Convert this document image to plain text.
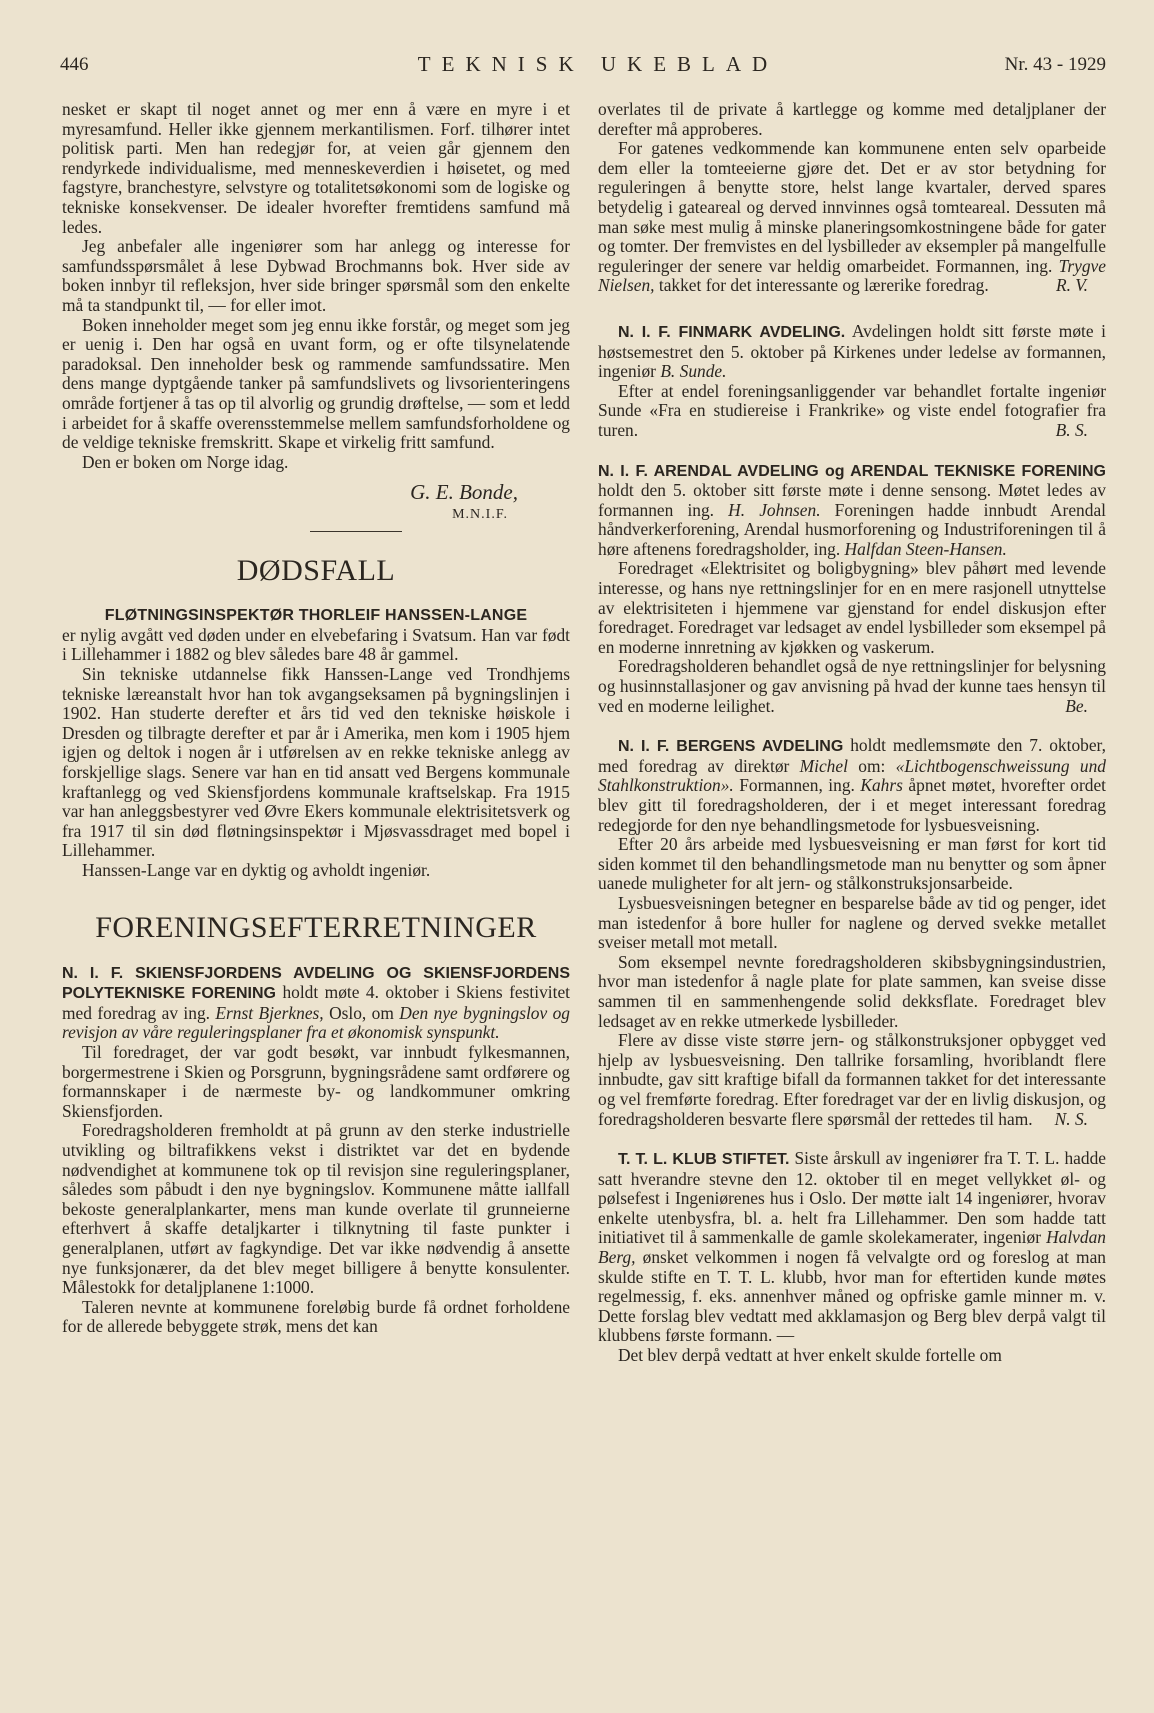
446	TEKNISK UKEBLAD	Nr. 43 - 1929

nesket er skapt til noget annet og mer enn å være en myre i et myresamfund. Heller ikke gjennem merkantilismen. Forf. tilhører intet politisk parti. Men han redegjør for, at veien går gjennem den rendyrkede individualisme, med menneskeverdien i høisetet, og med fagstyre, branchestyre, selvstyre og totalitetsøkonomi som de logiske og tekniske konsekvenser. De idealer hvorefter fremtidens samfund må ledes.

Jeg anbefaler alle ingeniører som har anlegg og interesse for samfundsspørsmålet å lese Dybwad Brochmanns bok. Hver side av boken innbyr til refleksjon, hver side bringer spørsmål som den enkelte må ta standpunkt til, — for eller imot.

Boken inneholder meget som jeg ennu ikke forstår, og meget som jeg er uenig i. Den har også en uvant form, og er ofte tilsynelatende paradoksal. Den inneholder besk og rammende samfundssatire. Men dens mange dyptgående tanker på samfundslivets og livsorienteringens område fortjener å tas op til alvorlig og grundig drøftelse, — som et ledd i arbeidet for å skaffe overensstemmelse mellem samfundsforholdene og de veldige tekniske fremskritt. Skape et virkelig fritt samfund.

Den er boken om Norge idag.

G. E. Bonde,
M.N.I.F.
DØDSFALL

FLØTNINGSINSPEKTØR THORLEIF HANSSEN-LANGE

er nylig avgått ved døden under en elvebefaring i Svatsum. Han var født i Lillehammer i 1882 og blev således bare 48 år gammel.

Sin tekniske utdannelse fikk Hanssen-Lange ved Trondhjems tekniske læreanstalt hvor han tok avgangseksamen på bygningslinjen i 1902. Han studerte derefter et års tid ved den tekniske høiskole i Dresden og tilbragte derefter et par år i Amerika, men kom i 1905 hjem igjen og deltok i nogen år i utførelsen av en rekke tekniske anlegg av forskjellige slags. Senere var han en tid ansatt ved Bergens kommunale kraftanlegg og ved Skiensfjordens kommunale kraftselskap. Fra 1915 var han anleggsbestyrer ved Øvre Ekers kommunale elektrisitetsverk og fra 1917 til sin død fløtningsinspektør i Mjøsvassdraget med bopel i Lillehammer.

Hanssen-Lange var en dyktig og avholdt ingeniør.

FORENINGSEFTERRETNINGER

N. I. F. SKIENSFJORDENS AVDELING OG SKIENSFJORDENS POLYTEKNISKE FORENING holdt møte 4. oktober i Skiens festivitet med foredrag av ing. Ernst Bjerknes, Oslo, om Den nye bygningslov og revisjon av våre reguleringsplaner fra et økonomisk synspunkt.

Til foredraget, der var godt besøkt, var innbudt fylkesmannen, borgermestrene i Skien og Porsgrunn, bygningsrådene samt ordførere og formannskaper i de nærmeste by- og landkommuner omkring Skiensfjorden.

Foredragsholderen fremholdt at på grunn av den sterke industrielle utvikling og biltrafikkens vekst i distriktet var det en bydende nødvendighet at kommunene tok op til revisjon sine reguleringsplaner, således som påbudt i den nye bygningslov. Kommunene måtte iallfall bekoste generalplankarter, mens man kunde overlate til grunneierne efterhvert å skaffe detaljkarter i tilknytning til faste punkter i generalplanen, utført av fagkyndige. Det var ikke nødvendig å ansette nye funksjonærer, da det blev meget billigere å benytte konsulenter. Målestokk for detaljplanene 1:1000.

Taleren nevnte at kommunene foreløbig burde få ordnet forholdene for de allerede bebyggete strøk, mens det kan

overlates til de private å kartlegge og komme med detaljplaner der derefter må approberes.

For gatenes vedkommende kan kommunene enten selv oparbeide dem eller la tomteeierne gjøre det. Det er av stor betydning for reguleringen å benytte store, helst lange kvartaler, derved spares betydelig i gateareal og derved innvinnes også tomteareal. Dessuten må man søke mest mulig å minske planeringsomkostningene både for gater og tomter. Der fremvistes en del lysbilleder av eksempler på mangelfulle reguleringer der senere var heldig omarbeidet. Formannen, ing. Trygve Nielsen, takket for det interessante og lærerike foredrag.	R. V.

N. I. F. FINMARK AVDELING. Avdelingen holdt sitt første møte i høstsemestret den 5. oktober på Kirkenes under ledelse av formannen, ingeniør B. Sunde.

Efter at endel foreningsanliggender var behandlet fortalte ingeniør Sunde «Fra en studiereise i Frankrike» og viste endel fotografier fra turen.	B. S.

N. I. F. ARENDAL AVDELING og ARENDAL TEKNISKE FORENING holdt den 5. oktober sitt første møte i denne sensong. Møtet ledes av formannen ing. H. Johnsen. Foreningen hadde innbudt Arendal håndverkerforening, Arendal husmorforening og Industriforeningen til å høre aftenens foredragsholder, ing. Halfdan Steen-Hansen.

Foredraget «Elektrisitet og boligbygning» blev påhørt med levende interesse, og hans nye rettningslinjer for en en mere rasjonell utnyttelse av elektrisiteten i hjemmene var gjenstand for endel diskusjon efter foredraget. Foredraget var ledsaget av endel lysbilleder som eksempel på en moderne innretning av kjøkken og vaskerum.

Foredragsholderen behandlet også de nye rettningslinjer for belysning og husinnstallasjoner og gav anvisning på hvad der kunne taes hensyn til ved en moderne leilighet.	Be.

N. I. F. BERGENS AVDELING holdt medlemsmøte den 7. oktober, med foredrag av direktør Michel om: «Lichtbogenschweissung und Stahlkonstruktion». Formannen, ing. Kahrs åpnet møtet, hvorefter ordet blev gitt til foredragsholderen, der i et meget interessant foredrag redegjorde for den nye behandlingsmetode for lysbuesveisning.

Efter 20 års arbeide med lysbuesveisning er man først for kort tid siden kommet til den behandlingsmetode man nu benytter og som åpner uanede muligheter for alt jern- og stålkonstruksjonsarbeide.

Lysbuesveisningen betegner en besparelse både av tid og penger, idet man istedenfor å bore huller for naglene og derved svekke metallet sveiser metall mot metall.

Som eksempel nevnte foredragsholderen skibsbygningsindustrien, hvor man istedenfor å nagle plate for plate sammen, kan sveise disse sammen til en sammenhengende solid dekksflate. Foredraget blev ledsaget av en rekke utmerkede lysbilleder.

Flere av disse viste større jern- og stålkonstruksjoner opbygget ved hjelp av lysbuesveisning. Den tallrike forsamling, hvoriblandt flere innbudte, gav sitt kraftige bifall da formannen takket for det interessante og vel fremførte foredrag. Efter foredraget var der en livlig diskusjon, og foredragsholderen besvarte flere spørsmål der rettedes til ham.	N. S.

T. T. L. KLUB STIFTET. Siste årskull av ingeniører fra T. T. L. hadde satt hverandre stevne den 12. oktober til en meget vellykket øl- og pølsefest i Ingeniørenes hus i Oslo. Der møtte ialt 14 ingeniører, hvorav enkelte utenbysfra, bl. a. helt fra Lillehammer. Den som hadde tatt initiativet til å sammenkalle de gamle skolekamerater, ingeniør Halvdan Berg, ønsket velkommen i nogen få velvalgte ord og foreslog at man skulde stifte en T. T. L. klubb, hvor man for eftertiden kunde møtes regelmessig, f. eks. annenhver måned og opfriske gamle minner m. v. Dette forslag blev vedtatt med akklamasjon og Berg blev derpå valgt til klubbens første formann. —

Det blev derpå vedtatt at hver enkelt skulde fortelle om
